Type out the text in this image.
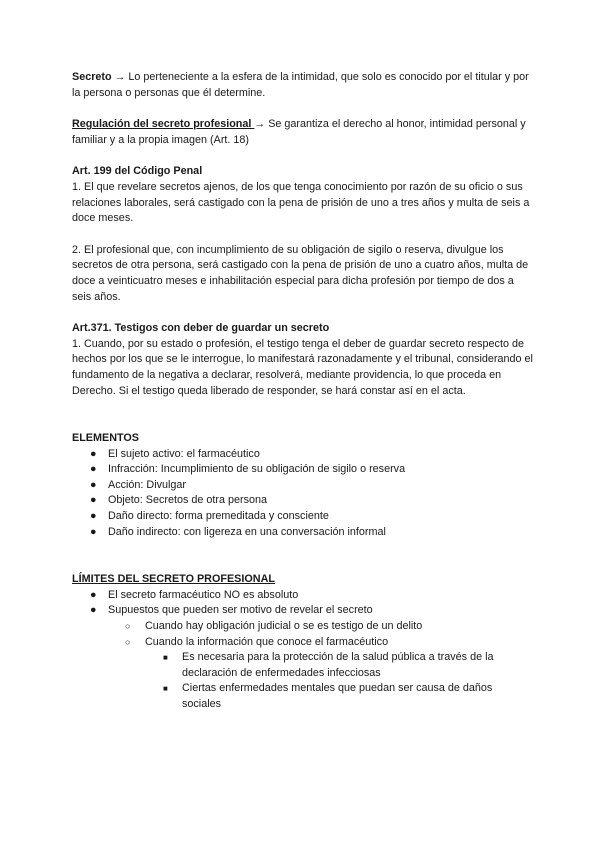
Secreto → Lo perteneciente a la esfera de la intimidad, que solo es conocido por el titular y por la persona o personas que él determine.

Regulación del secreto profesional → Se garantiza el derecho al honor, intimidad personal y familiar y a la propia imagen (Art. 18)

Art. 199 del Código Penal

1. El que revelare secretos ajenos, de los que tenga conocimiento por razón de su oficio o sus relaciones laborales, será castigado con la pena de prisión de uno a tres años y multa de seis a doce meses.

2. El profesional que, con incumplimiento de su obligación de sigilo o reserva, divulgue los secretos de otra persona, será castigado con la pena de prisión de uno a cuatro años, multa de doce a veinticuatro meses e inhabilitación especial para dicha profesión por tiempo de dos a seis años.

Art.371. Testigos con deber de guardar un secreto

1. Cuando, por su estado o profesión, el testigo tenga el deber de guardar secreto respecto de hechos por los que se le interrogue, lo manifestará razonadamente y el tribunal, considerando el fundamento de la negativa a declarar, resolverá, mediante providencia, lo que proceda en Derecho. Si el testigo queda liberado de responder, se hará constar así en el acta.

ELEMENTOS

● El sujeto activo: el farmacéutico
● Infracción: Incumplimiento de su obligación de sigilo o reserva
● Acción: Divulgar
● Objeto: Secretos de otra persona
● Daño directo: forma premeditada y consciente
● Daño indirecto: con ligereza en una conversación informal

LÍMITES DEL SECRETO PROFESIONAL

● El secreto farmacéutico NO es absoluto
● Supuestos que pueden ser motivo de revelar el secreto
○ Cuando hay obligación judicial o se es testigo de un delito
○ Cuando la información que conoce el farmacéutico
■ Es necesaria para la protección de la salud pública a través de la declaración de enfermedades infecciosas
■ Ciertas enfermedades mentales que puedan ser causa de daños sociales
